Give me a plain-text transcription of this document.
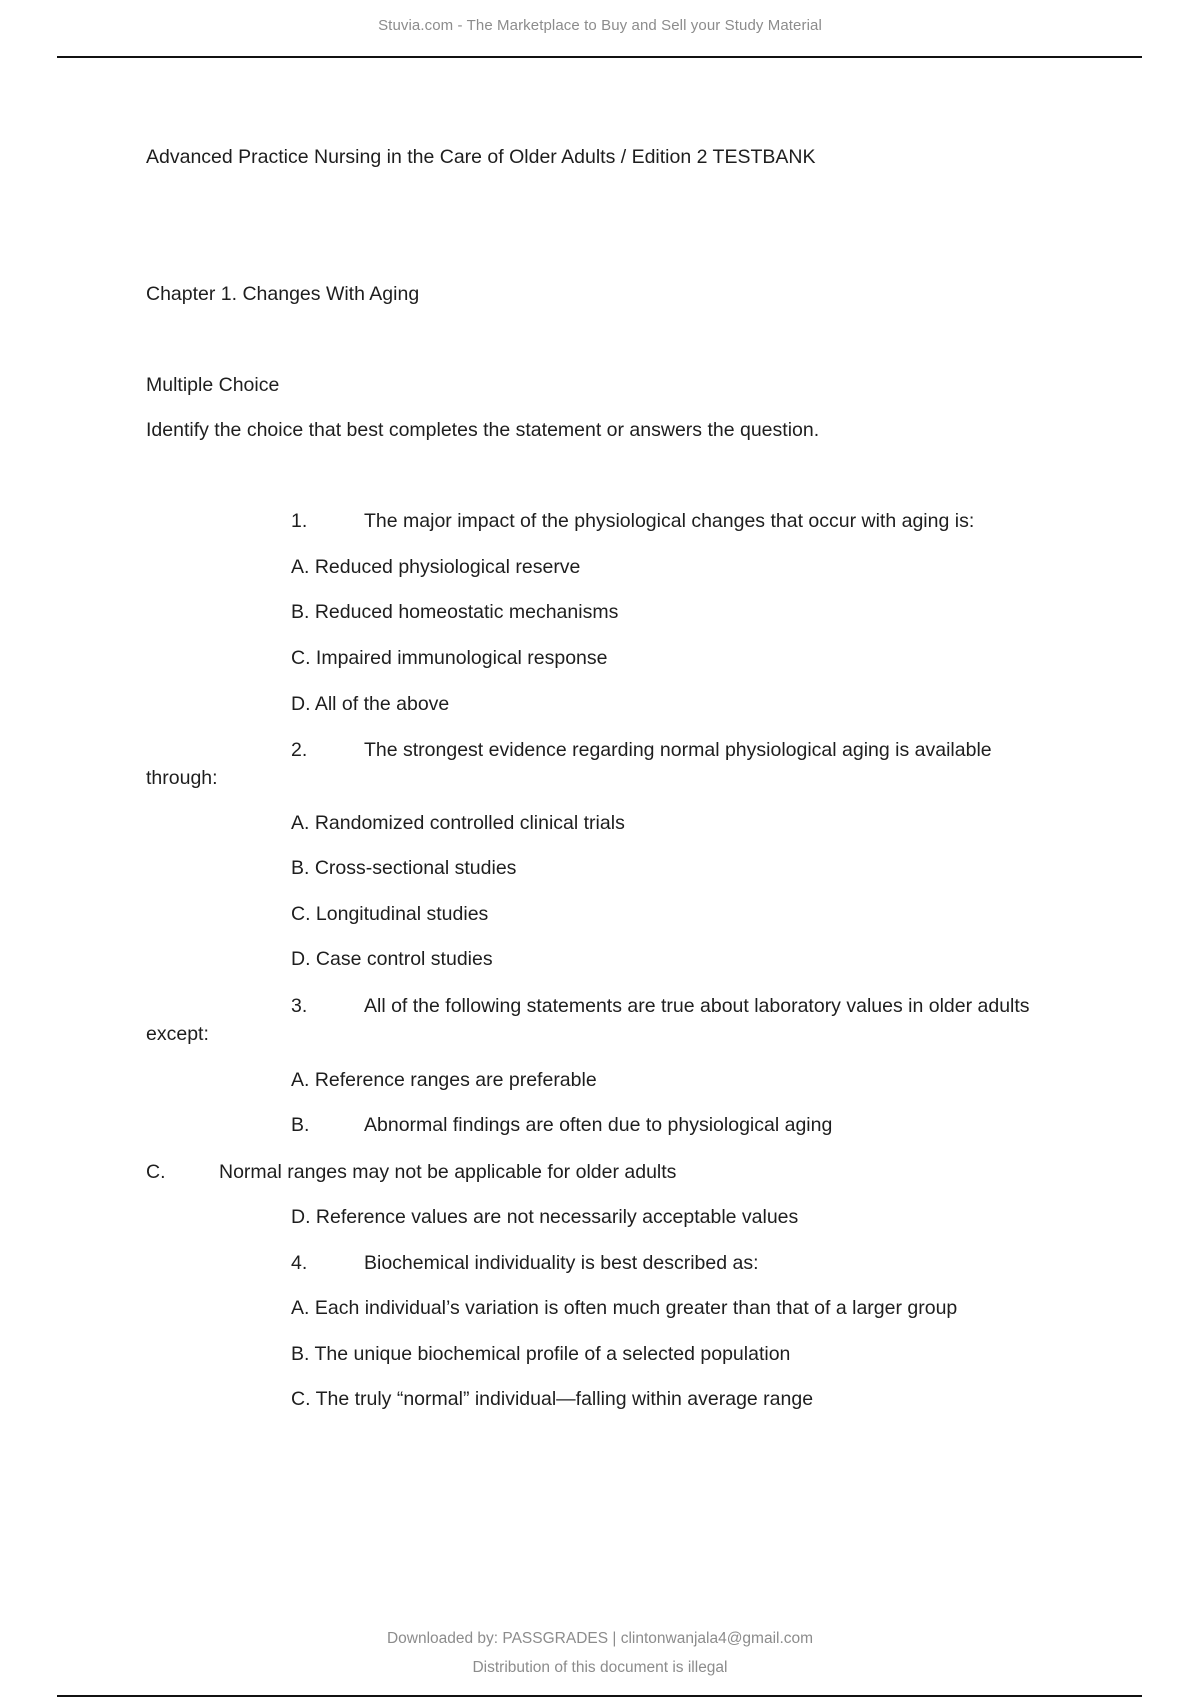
Stuvia.com - The Marketplace to Buy and Sell your Study Material
Advanced Practice Nursing in the Care of Older Adults / Edition 2 TESTBANK
Chapter 1. Changes With Aging
Multiple Choice
Identify the choice that best completes the statement or answers the question.
1.	The major impact of the physiological changes that occur with aging is:
A. Reduced physiological reserve
B. Reduced homeostatic mechanisms
C. Impaired immunological response
D. All of the above
2.	The strongest evidence regarding normal physiological aging is available
through:
A. Randomized controlled clinical trials
B. Cross-sectional studies
C. Longitudinal studies
D. Case control studies
3.	All of the following statements are true about laboratory values in older adults
except:
A. Reference ranges are preferable
B.	Abnormal findings are often due to physiological aging
C.	Normal ranges may not be applicable for older adults
D. Reference values are not necessarily acceptable values
4.	Biochemical individuality is best described as:
A. Each individual’s variation is often much greater than that of a larger group
B. The unique biochemical profile of a selected population
C. The truly “normal” individual—falling within average range
Downloaded by: PASSGRADES | clintonwanjala4@gmail.com
Distribution of this document is illegal
